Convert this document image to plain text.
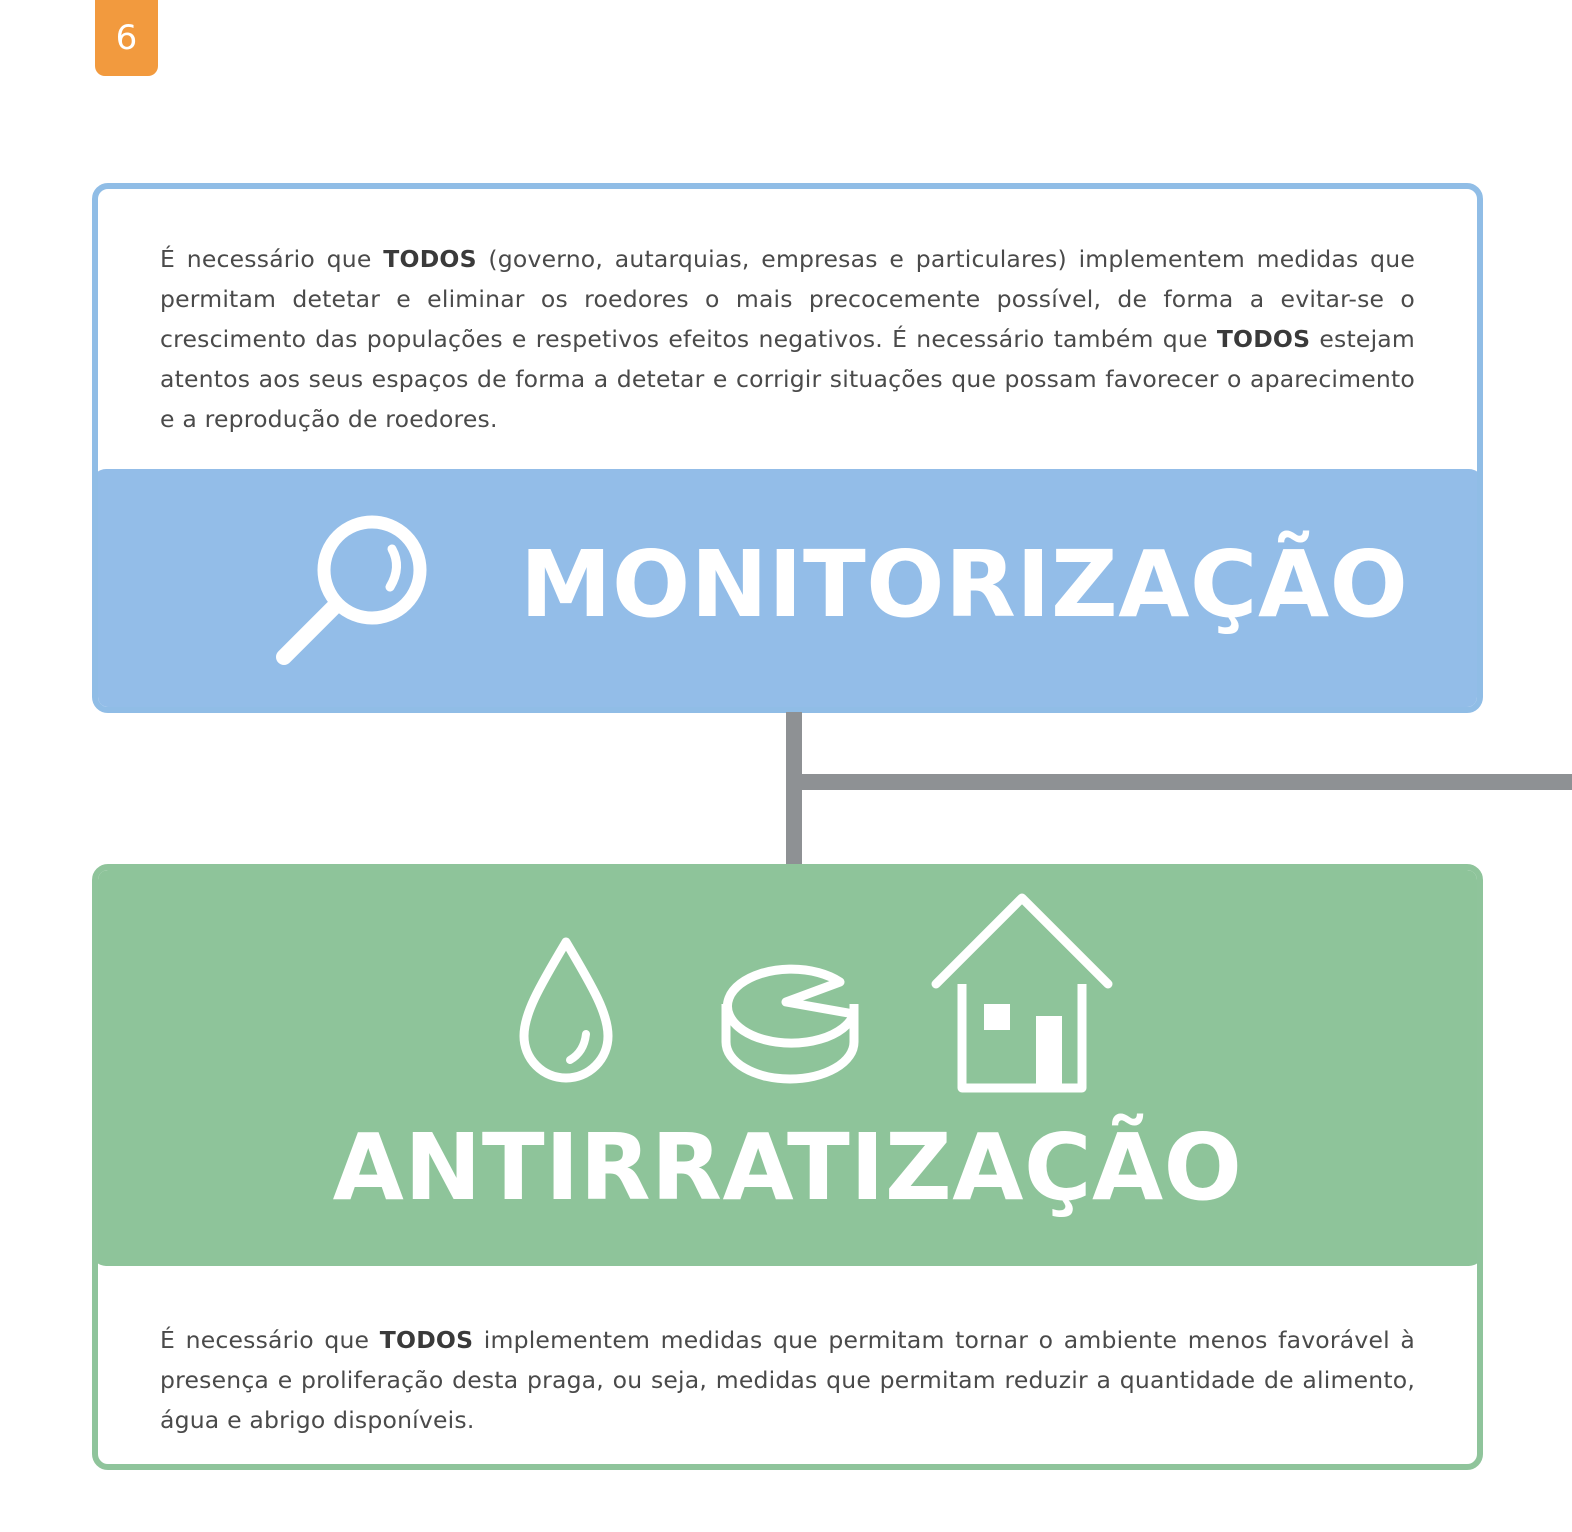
6

É necessário que TODOS (governo, autarquias, empresas e particulares) implementem medidas que permitam detetar e eliminar os roedores o mais precocemente possível, de forma a evitar-se o crescimento das populações e respetivos efeitos negativos. É necessário também que TODOS estejam atentos aos seus espaços de forma a detetar e corrigir situações que possam favorecer o aparecimento e a reprodução de roedores.

MONITORIZAÇÃO
ANTIRRATIZAÇÃO

É necessário que TODOS implementem medidas que permitam tornar o ambiente menos favorável à presença e proliferação desta praga, ou seja, medidas que permitam reduzir a quantidade de alimento, água e abrigo disponíveis.
